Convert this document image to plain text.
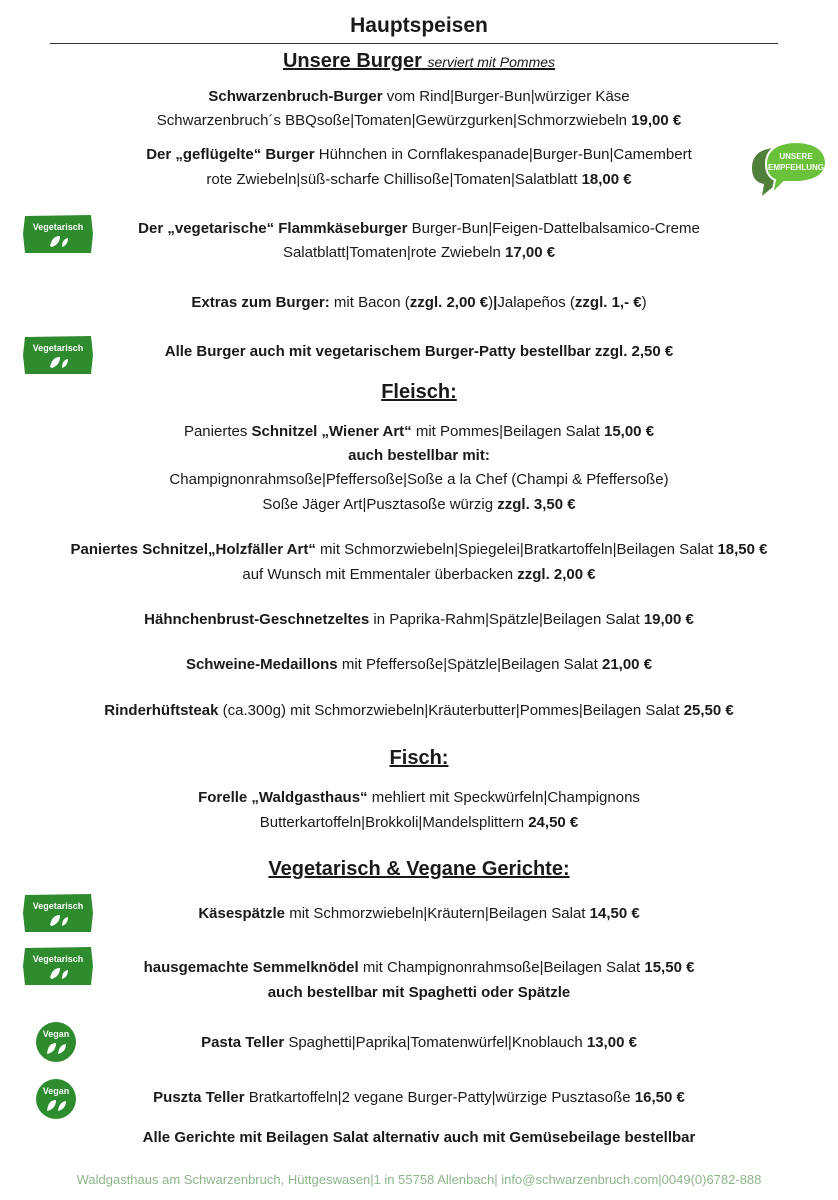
Hauptspeisen
Unsere Burger serviert mit Pommes
Schwarzenbruch-Burger vom Rind|Burger-Bun|würziger Käse
Schwarzenbruch´s BBQsoße|Tomaten|Gewürzgurken|Schmorzwiebeln 19,00 €
Der „geflügelte“ Burger Hühnchen in Cornflakespanade|Burger-Bun|Camembert
rote Zwiebeln|süß-scharfe Chillisoße|Tomaten|Salatblatt 18,00 €
UNSERE
EMPFEHLUNG
Vegetarisch	Der „vegetarische“ Flammkäseburger Burger-Bun|Feigen-Dattelbalsamico-Creme
Salatblatt|Tomaten|rote Zwiebeln 17,00 €
Extras zum Burger: mit Bacon (zzgl. 2,00 €)|Jalapeños (zzgl. 1,- €)
Vegetarisch	Alle Burger auch mit vegetarischem Burger-Patty bestellbar zzgl. 2,50 €
Fleisch:
Paniertes Schnitzel „Wiener Art“ mit Pommes|Beilagen Salat 15,00 €
auch bestellbar mit:
Champignonrahmsoße|Pfeffersoße|Soße a la Chef (Champi & Pfeffersoße)
Soße Jäger Art|Pusztasoße würzig zzgl. 3,50 €
Paniertes Schnitzel„Holzfäller Art“ mit Schmorzwiebeln|Spiegelei|Bratkartoffeln|Beilagen Salat 18,50 €
auf Wunsch mit Emmentaler überbacken zzgl. 2,00 €
Hähnchenbrust-Geschnetzeltes in Paprika-Rahm|Spätzle|Beilagen Salat 19,00 €
Schweine-Medaillons mit Pfeffersoße|Spätzle|Beilagen Salat 21,00 €
Rinderhüftsteak (ca.300g) mit Schmorzwiebeln|Kräuterbutter|Pommes|Beilagen Salat 25,50 €
Fisch:
Forelle „Waldgasthaus“ mehliert mit Speckwürfeln|Champignons
Butterkartoffeln|Brokkoli|Mandelsplittern 24,50 €
Vegetarisch & Vegane Gerichte:
Vegetarisch	Käsespätzle mit Schmorzwiebeln|Kräutern|Beilagen Salat 14,50 €
Vegetarisch	hausgemachte Semmelknödel mit Champignonrahmsoße|Beilagen Salat 15,50 €
auch bestellbar mit Spaghetti oder Spätzle
Vegan	Pasta Teller Spaghetti|Paprika|Tomatenwürfel|Knoblauch 13,00 €
Vegan	Puszta Teller Bratkartoffeln|2 vegane Burger-Patty|würzige Pusztasoße 16,50 €
Alle Gerichte mit Beilagen Salat alternativ auch mit Gemüsebeilage bestellbar
Waldgasthaus am Schwarzenbruch, Hüttgeswasen|1 in 55758 Allenbach| info@schwarzenbruch.com|0049(0)6782-888
